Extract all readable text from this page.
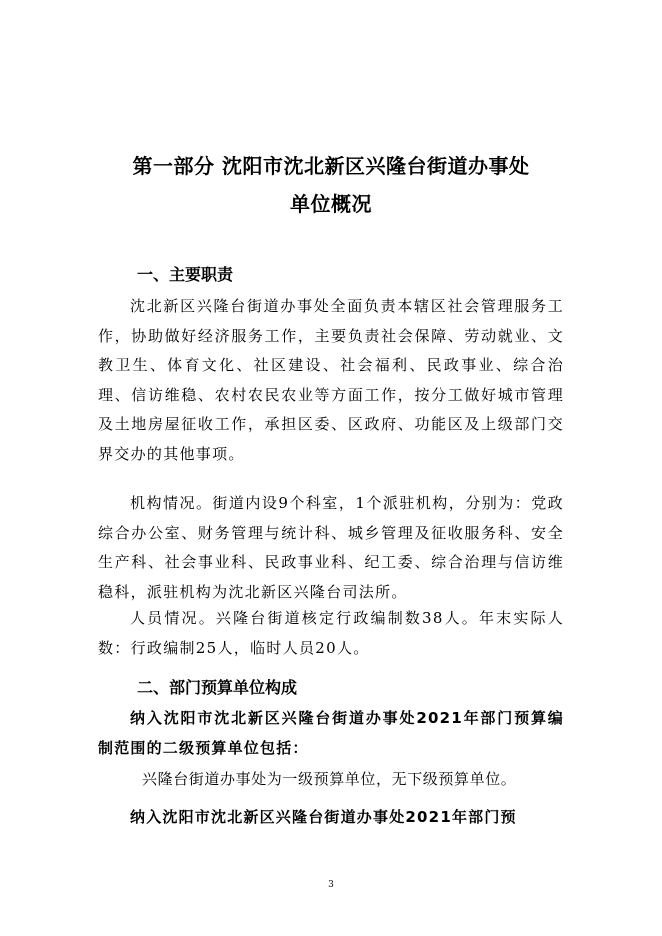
第一部分 沈阳市沈北新区兴隆台街道办事处
单位概况
一、主要职责

沈北新区兴隆台街道办事处全面负责本辖区社会管理服务工作，协助做好经济服务工作，主要负责社会保障、劳动就业、文教卫生、体育文化、社区建设、社会福利、民政事业、综合治理、信访维稳、农村农民农业等方面工作，按分工做好城市管理及土地房屋征收工作，承担区委、区政府、功能区及上级部门交界交办的其他事项。

机构情况。街道内设9个科室，1个派驻机构，分别为：党政综合办公室、财务管理与统计科、城乡管理及征收服务科、安全生产科、社会事业科、民政事业科、纪工委、综合治理与信访维稳科，派驻机构为沈北新区兴隆台司法所。

人员情况。兴隆台街道核定行政编制数38人。年末实际人数：行政编制25人，临时人员20人。

二、部门预算单位构成

纳入沈阳市沈北新区兴隆台街道办事处2021年部门预算编制范围的二级预算单位包括：

兴隆台街道办事处为一级预算单位，无下级预算单位。

纳入沈阳市沈北新区兴隆台街道办事处2021年部门预

3
